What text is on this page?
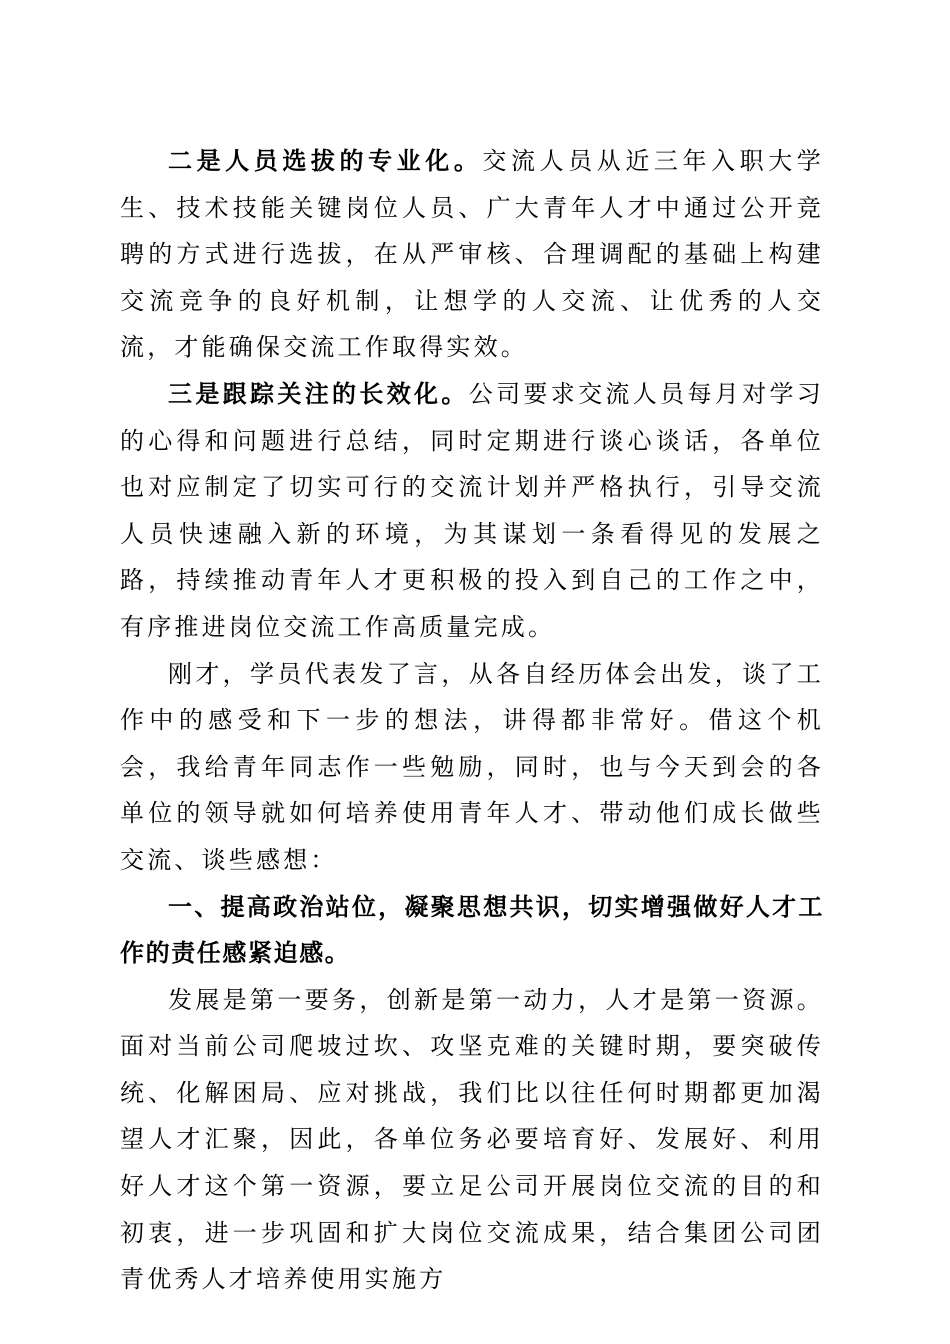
二是人员选拔的专业化。交流人员从近三年入职大学生、技术技能关键岗位人员、广大青年人才中通过公开竞聘的方式进行选拔，在从严审核、合理调配的基础上构建交流竞争的良好机制，让想学的人交流、让优秀的人交流，才能确保交流工作取得实效。

三是跟踪关注的长效化。公司要求交流人员每月对学习的心得和问题进行总结，同时定期进行谈心谈话，各单位也对应制定了切实可行的交流计划并严格执行，引导交流人员快速融入新的环境，为其谋划一条看得见的发展之路，持续推动青年人才更积极的投入到自己的工作之中，有序推进岗位交流工作高质量完成。

刚才，学员代表发了言，从各自经历体会出发，谈了工作中的感受和下一步的想法，讲得都非常好。借这个机会，我给青年同志作一些勉励，同时，也与今天到会的各单位的领导就如何培养使用青年人才、带动他们成长做些交流、谈些感想：

一、提高政治站位，凝聚思想共识，切实增强做好人才工作的责任感紧迫感。

发展是第一要务，创新是第一动力，人才是第一资源。面对当前公司爬坡过坎、攻坚克难的关键时期，要突破传统、化解困局、应对挑战，我们比以往任何时期都更加渴望人才汇聚，因此，各单位务必要培育好、发展好、利用好人才这个第一资源，要立足公司开展岗位交流的目的和初衷，进一步巩固和扩大岗位交流成果，结合集团公司团青优秀人才培养使用实施方
